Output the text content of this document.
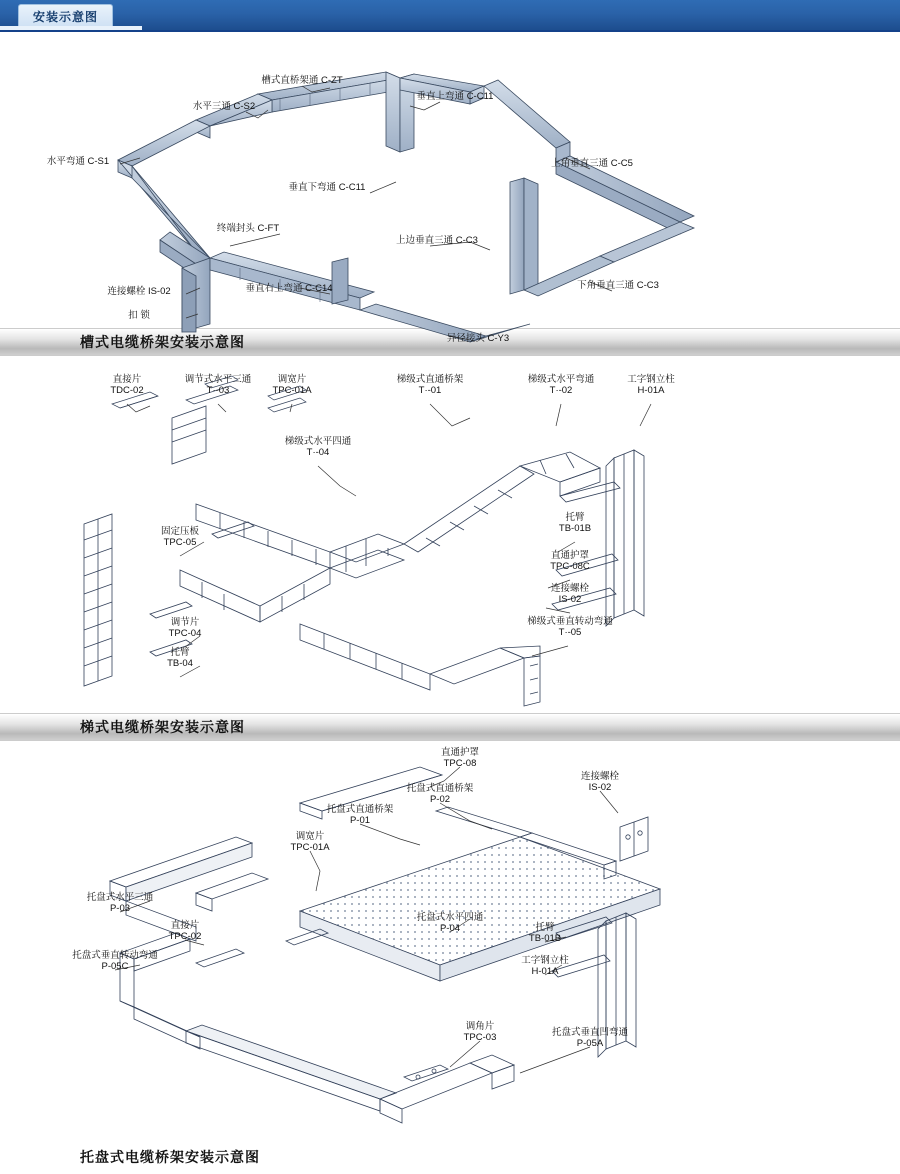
安装示意图
槽式直桥架通 C-ZT
垂直上弯通 C-C11
水平三通 C-S2
水平弯通 C-S1	上角垂直三通 C-C5
垂直下弯通 C-C11
终端封头 C-FT
上边垂直三通 C-C3
连接螺栓 IS-02
下角垂直三通 C-C3
垂直右上弯通 C-C14
扣 锁
异径接头 C-Y3
槽式电缆桥架安装示意图
直接片
TDC-02
调节式水平三通
T·-03
调宽片
TPC-01A
梯级式直通桥架
T·-01
梯级式水平弯通
T·-02
工字钢立柱
H-01A
梯级式水平四通
T·-04
托臂
TB-01B
固定压板
TPC-05
直通护罩
TPC-08C
连接螺栓
IS-02
调节片
TPC-04
梯级式垂直转动弯通
T·-05
托臂
TB-04
梯式电缆桥架安装示意图
直通护罩
TPC-08
连接螺栓
IS-02
托盘式直通桥架
P-02
托盘式直通桥架
P-01
调宽片
TPC-01A
托盘式水平三通
P-03
托盘式水平四通
P-04	托臂
TB-01B
直接片
TPC-02
工字钢立柱
H-01A
托盘式垂直转动弯通
P-05C
调角片
TPC-03	托盘式垂直凹弯通
P-05A
托盘式电缆桥架安装示意图
